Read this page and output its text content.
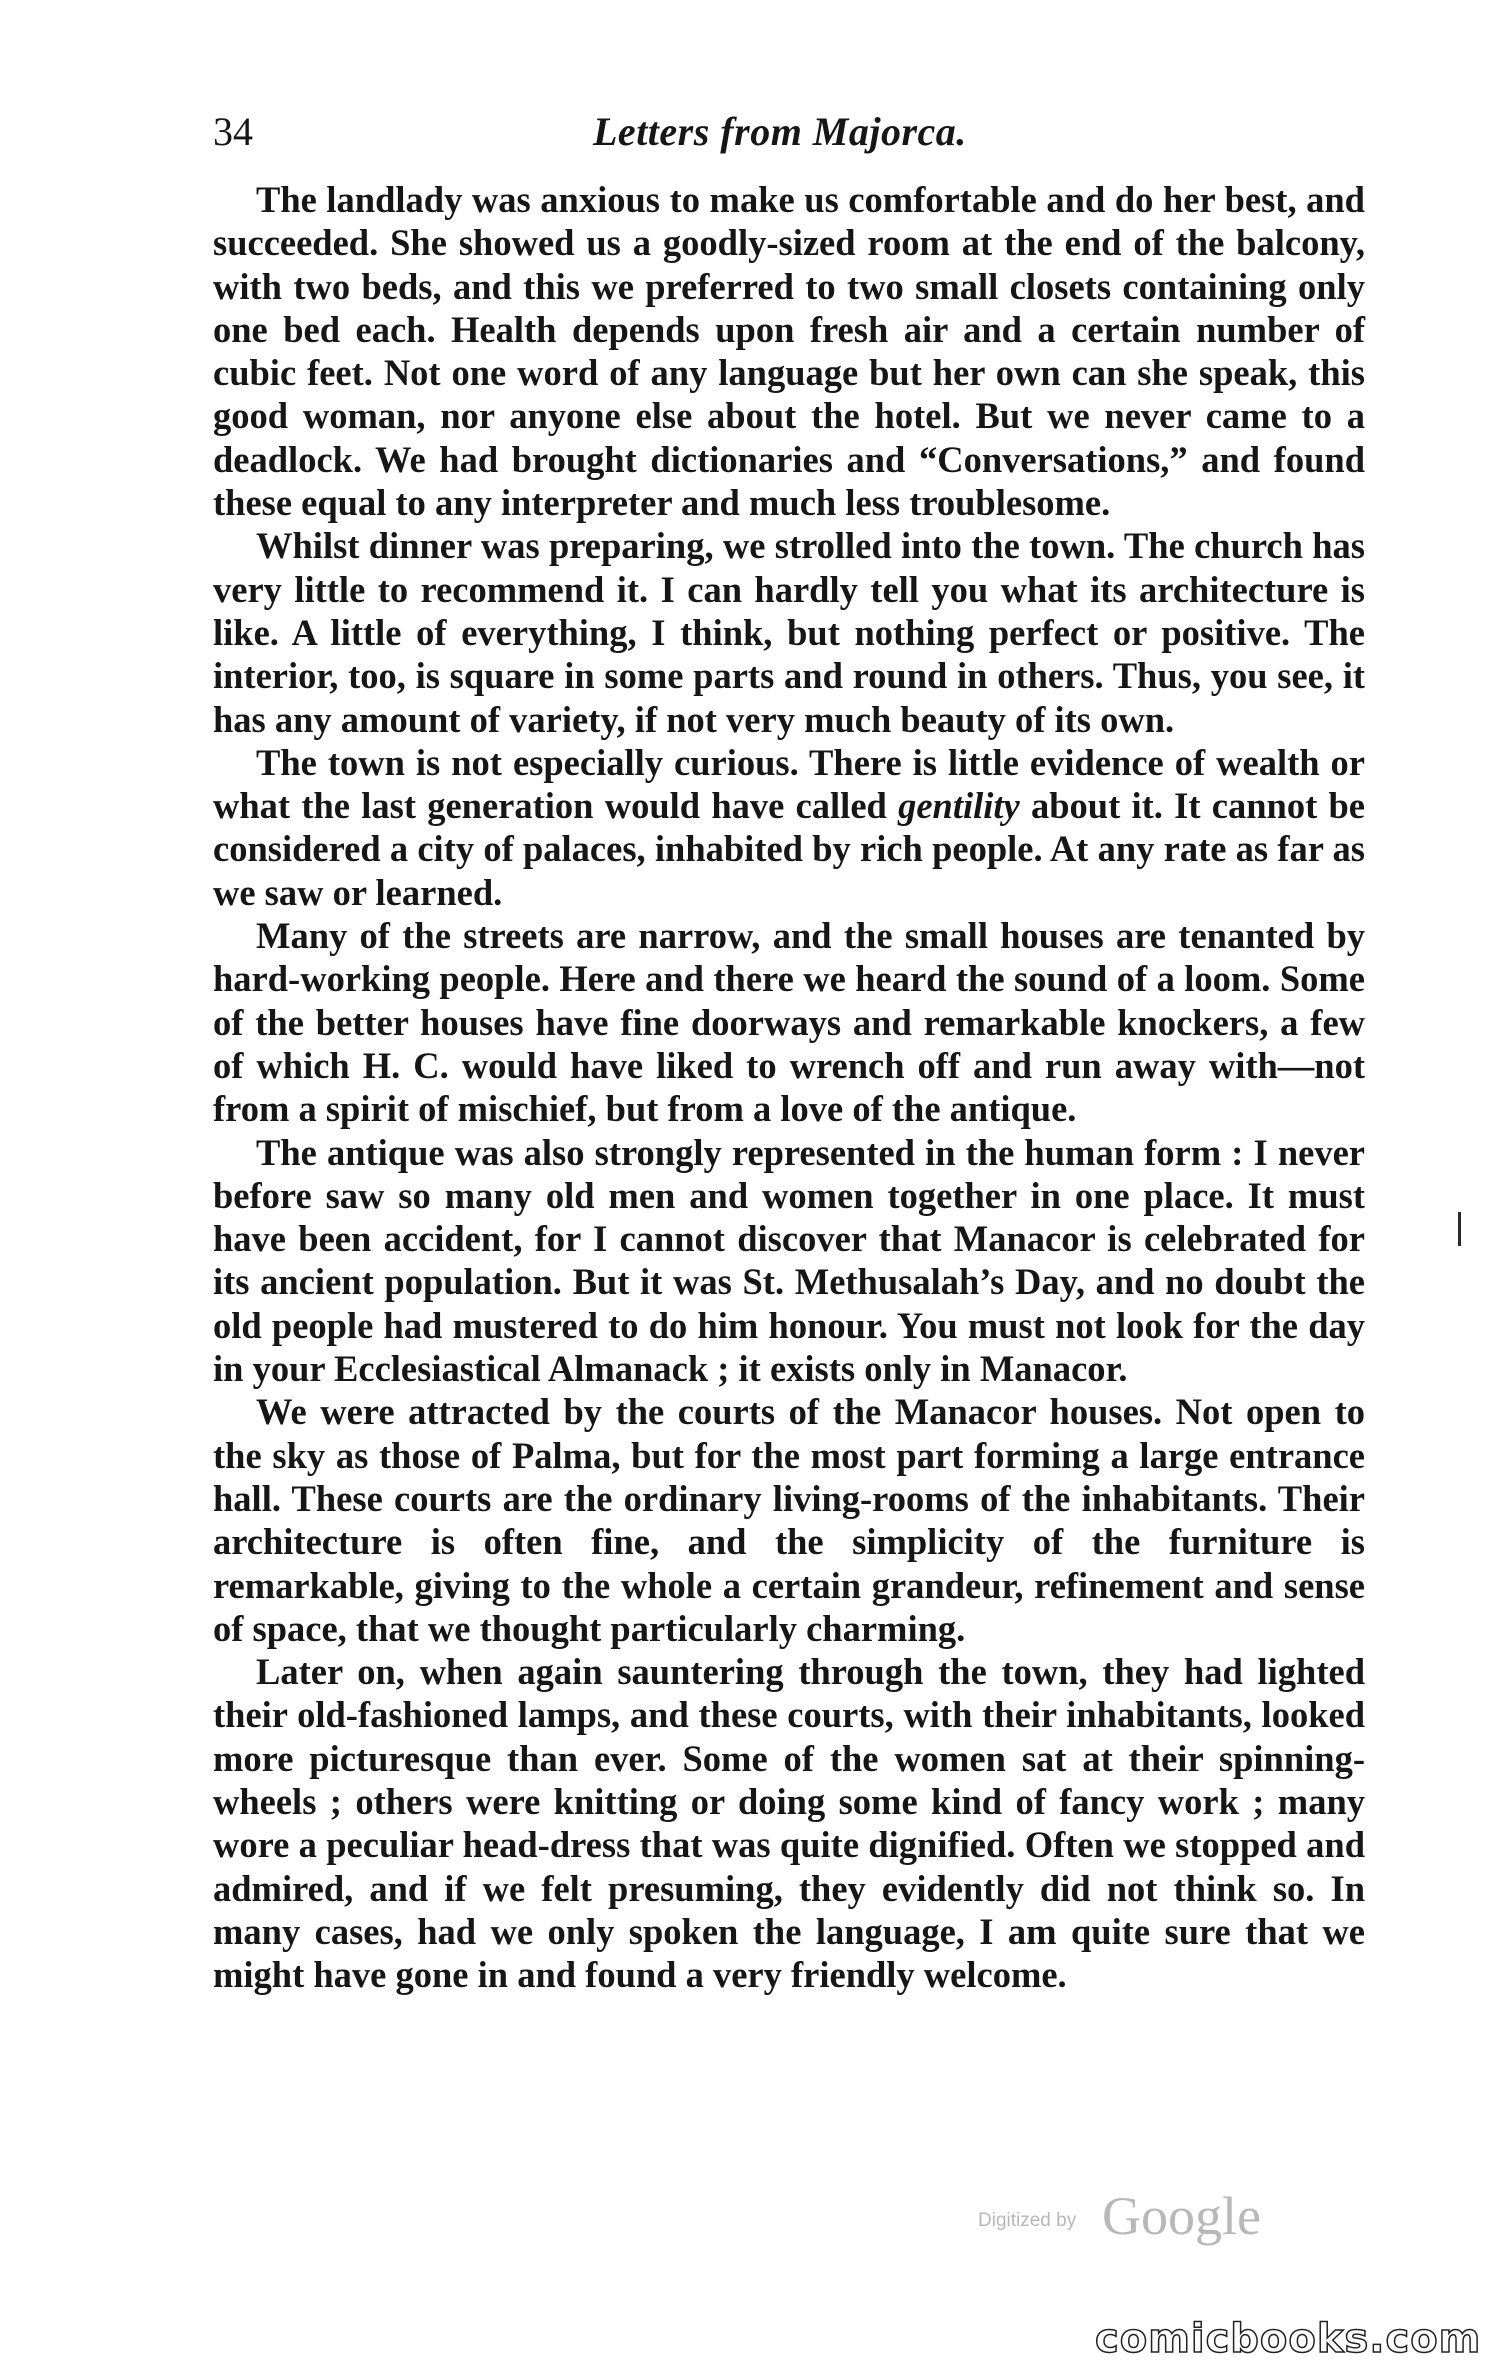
34	Letters from Majorca.

The landlady was anxious to make us comfortable and do her best, and succeeded. She showed us a goodly-sized room at the end of the balcony, with two beds, and this we preferred to two small closets containing only one bed each. Health depends upon fresh air and a certain number of cubic feet. Not one word of any language but her own can she speak, this good woman, nor anyone else about the hotel. But we never came to a deadlock. We had brought dictionaries and “Conversations,” and found these equal to any interpreter and much less troublesome.

Whilst dinner was preparing, we strolled into the town. The church has very little to recommend it. I can hardly tell you what its architecture is like. A little of everything, I think, but nothing perfect or positive. The interior, too, is square in some parts and round in others. Thus, you see, it has any amount of variety, if not very much beauty of its own.

The town is not especially curious. There is little evidence of wealth or what the last generation would have called gentility about it. It cannot be considered a city of palaces, inhabited by rich people. At any rate as far as we saw or learned.

Many of the streets are narrow, and the small houses are tenanted by hard-working people. Here and there we heard the sound of a loom. Some of the better houses have fine doorways and remarkable knockers, a few of which H. C. would have liked to wrench off and run away with—not from a spirit of mischief, but from a love of the antique.

The antique was also strongly represented in the human form : I never before saw so many old men and women together in one place. It must have been accident, for I cannot discover that Manacor is celebrated for its ancient population. But it was St. Methusalah’s Day, and no doubt the old people had mustered to do him honour. You must not look for the day in your Ecclesiastical Almanack ; it exists only in Manacor.

We were attracted by the courts of the Manacor houses. Not open to the sky as those of Palma, but for the most part forming a large entrance hall. These courts are the ordinary living-rooms of the inhabitants. Their architecture is often fine, and the simplicity of the furniture is remarkable, giving to the whole a certain grandeur, refinement and sense of space, that we thought particularly charming.

Later on, when again sauntering through the town, they had lighted their old-fashioned lamps, and these courts, with their inhabitants, looked more picturesque than ever. Some of the women sat at their spinning-wheels ; others were knitting or doing some kind of fancy work ; many wore a peculiar head-dress that was quite dignified. Often we stopped and admired, and if we felt presuming, they evidently did not think so. In many cases, had we only spoken the language, I am quite sure that we might have gone in and found a very friendly welcome.

Digitized by Google
comicbooks.com
